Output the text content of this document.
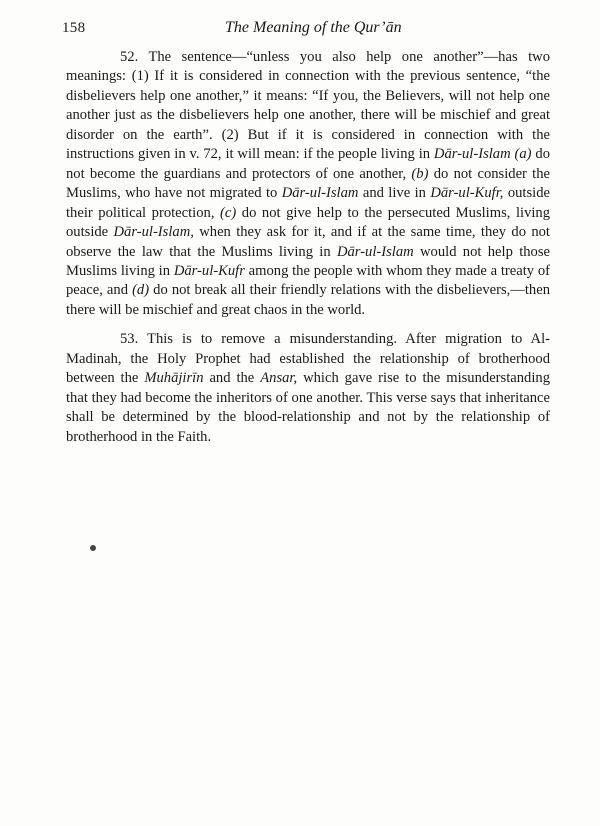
158	The Meaning of the Qur’ān

52. The sentence—“unless you also help one another”—has two meanings: (1) If it is considered in connection with the previous sentence, “the disbelievers help one another,” it means: “If you, the Believers, will not help one another just as the disbelievers help one another, there will be mischief and great disorder on the earth”. (2) But if it is considered in connection with the instructions given in v. 72, it will mean: if the people living in Dār-ul-Islam (a) do not become the guardians and protectors of one another, (b) do not consider the Muslims, who have not migrated to Dār-ul-Islam and live in Dār-ul-Kufr, outside their political protection, (c) do not give help to the persecuted Muslims, living outside Dār-ul-Islam, when they ask for it, and if at the same time, they do not observe the law that the Muslims living in Dār-ul-Islam would not help those Muslims living in Dār-ul-Kufr among the people with whom they made a treaty of peace, and (d) do not break all their friendly relations with the disbelievers,—then there will be mischief and great chaos in the world.

53. This is to remove a misunderstanding. After migration to Al-Madinah, the Holy Prophet had established the relationship of brotherhood between the Muhājirīn and the Ansar, which gave rise to the misunderstanding that they had become the inheritors of one another. This verse says that inheritance shall be determined by the blood-relationship and not by the relationship of brotherhood in the Faith.
